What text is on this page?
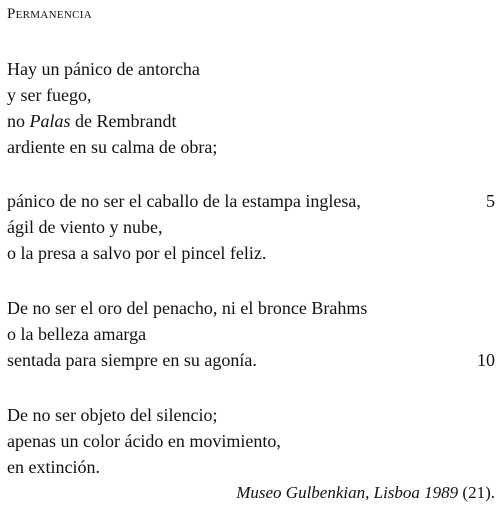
Permanencia
Hay un pánico de antorcha
y ser fuego,
no Palas de Rembrandt
ardiente en su calma de obra;
pánico de no ser el caballo de la estampa inglesa,	5
ágil de viento y nube,
o la presa a salvo por el pincel feliz.
De no ser el oro del penacho, ni el bronce Brahms
o la belleza amarga
sentada para siempre en su agonía.	10
De no ser objeto del silencio;
apenas un color ácido en movimiento,
en extinción.
Museo Gulbenkian, Lisboa 1989 (21).
